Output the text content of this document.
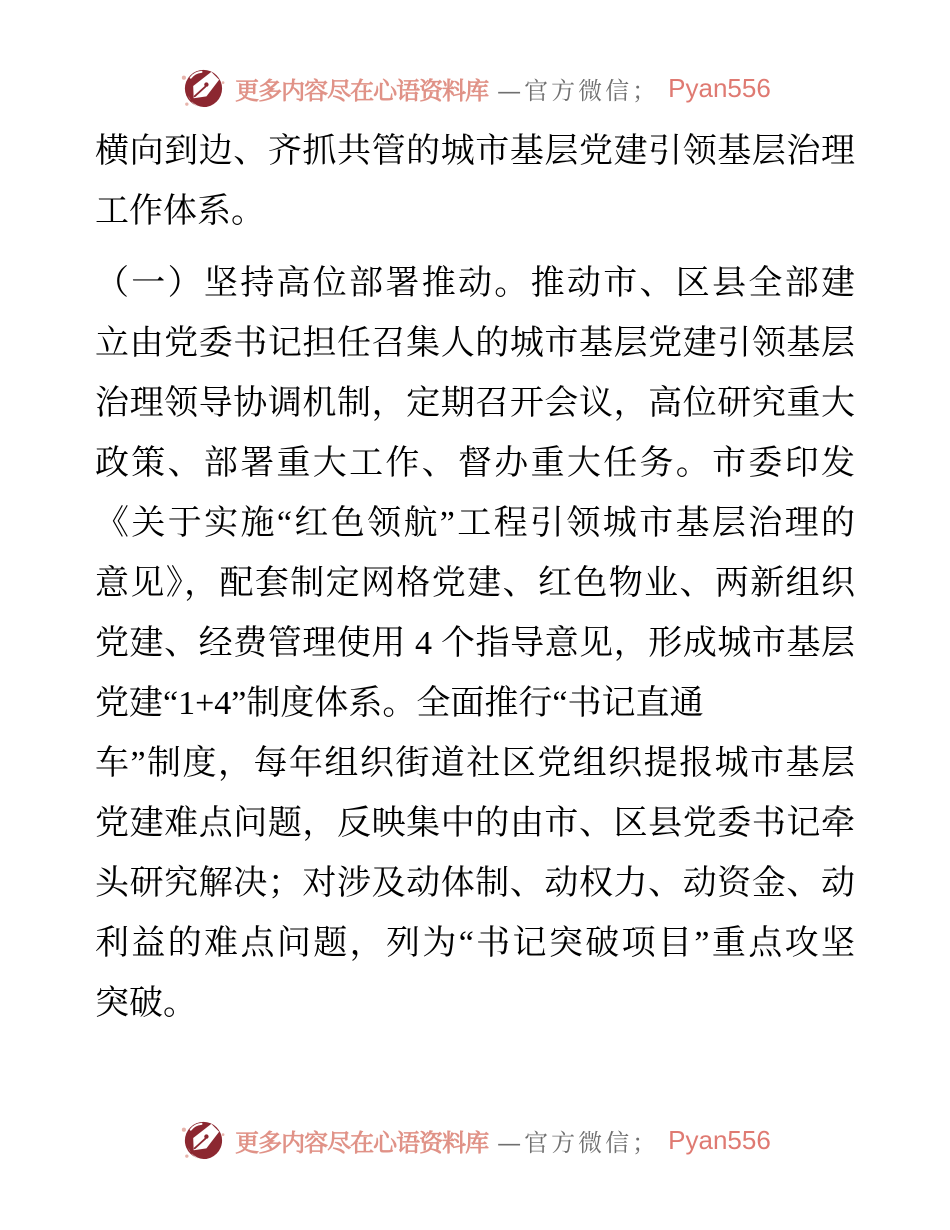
更多内容尽在心语资料库 —官方微信； Pyan556
横向到边、齐抓共管的城市基层党建引领基层治理
工作体系。
（一）坚持高位部署推动。推动市、区县全部建
立由党委书记担任召集人的城市基层党建引领基层
治理领导协调机制，定期召开会议，高位研究重大
政策、部署重大工作、督办重大任务。市委印发
《关于实施“红色领航”工程引领城市基层治理的
意见》，配套制定网格党建、红色物业、两新组织
党建、经费管理使用 4 个指导意见，形成城市基层
党建“1+4”制度体系。全面推行“书记直通
车”制度，每年组织街道社区党组织提报城市基层
党建难点问题，反映集中的由市、区县党委书记牵
头研究解决；对涉及动体制、动权力、动资金、动
利益的难点问题，列为“书记突破项目”重点攻坚
突破。
更多内容尽在心语资料库 —官方微信； Pyan556
